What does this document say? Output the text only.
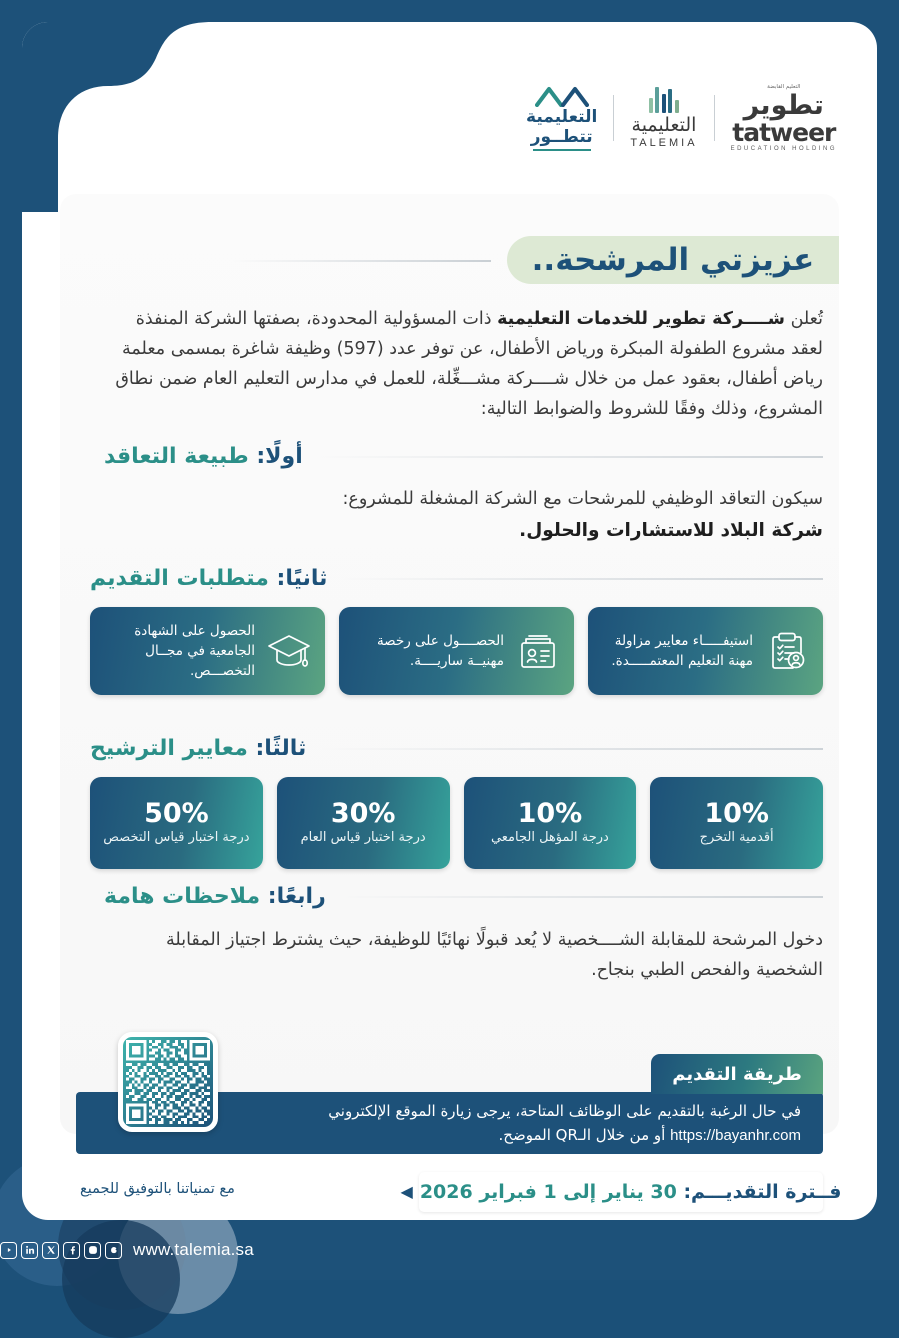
التعليم القابضة
تطوير
tatweer
EDUCATION HOLDING
التعليمية
TALEMIA
التعليمية
تتطــور
عزيزتي المرشحة..
تُعلن شــــركة تطوير للخدمات التعليمية ذات المسؤولية المحدودة، بصفتها الشركة المنفذة لعقد مشروع الطفولة المبكرة ورياض الأطفال، عن توفر عدد (597) وظيفة شاغرة بمسمى معلمة رياض أطفال، بعقود عمل من خلال شــــركة مشـــغِّلة، للعمل في مدارس التعليم العام ضمن نطاق المشروع، وذلك وفقًا للشروط والضوابط التالية:
أولًا: طبيعة التعاقد
سيكون التعاقد الوظيفي للمرشحات مع الشركة المشغلة للمشروع:
شركة البلاد للاستشارات والحلول.
ثانيًا: متطلبات التقديم
الحصول على الشهادة الجامعية في مجــال التخصـــص.
الحصــــول على رخصة مهنيــة ساريــــة.
استيفـــــاء معايير مزاولة مهنة التعليم المعتمـــــدة.
ثالثًا: معايير الترشيح
50%
درجة اختبار قياس التخصص
30%
درجة اختبار قياس العام
10%
درجة المؤهل الجامعي
10%
أقدمية التخرج
رابعًا: ملاحظات هامة
دخول المرشحة للمقابلة الشــــخصية لا يُعد قبولًا نهائيًا للوظيفة، حيث يشترط اجتياز المقابلة الشخصية والفحص الطبي بنجاح.
طريقة التقديم
في حال الرغبة بالتقديم على الوظائف المتاحة، يرجى زيارة الموقع الإلكتروني
https://bayanhr.com أو من خلال الـQR الموضح.
◀	فــترة التقديـــم: 30 يناير إلى 1 فبراير 2026
مع تمنياتنا بالتوفيق للجميع
www.talemia.sa
